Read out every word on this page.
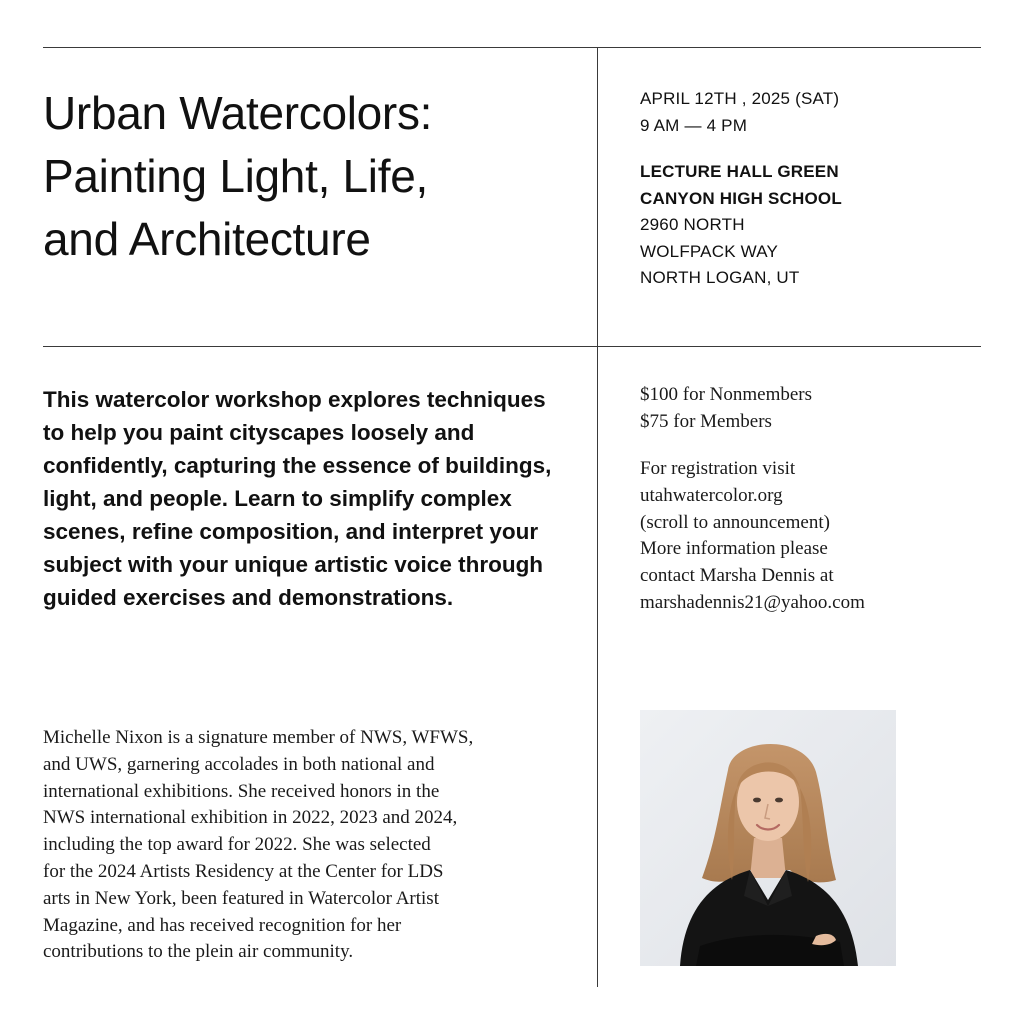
Urban Watercolors:
Painting Light, Life,
and Architecture
APRIL 12TH , 2025 (SAT)
9 AM — 4 PM
LECTURE HALL GREEN
CANYON HIGH SCHOOL
2960 NORTH
WOLFPACK WAY
NORTH LOGAN, UT

This watercolor workshop explores techniques to help you paint cityscapes loosely and confidently, capturing the essence of buildings, light, and people. Learn to simplify complex scenes, refine composition, and interpret your subject with your unique artistic voice through guided exercises and demonstrations.

$100 for Nonmembers
$75 for Members
For registration visit
utahwatercolor.org
(scroll to announcement)
More information please
contact Marsha Dennis at
marshadennis21@yahoo.com
Michelle Nixon is a signature member of NWS, WFWS,
and UWS, garnering accolades in both national and
international exhibitions. She received honors in the
NWS international exhibition in 2022, 2023 and 2024,
including the top award for 2022. She was selected
for the 2024 Artists Residency at the Center for LDS
arts in New York, been featured in Watercolor Artist
Magazine, and has received recognition for her
contributions to the plein air community.
